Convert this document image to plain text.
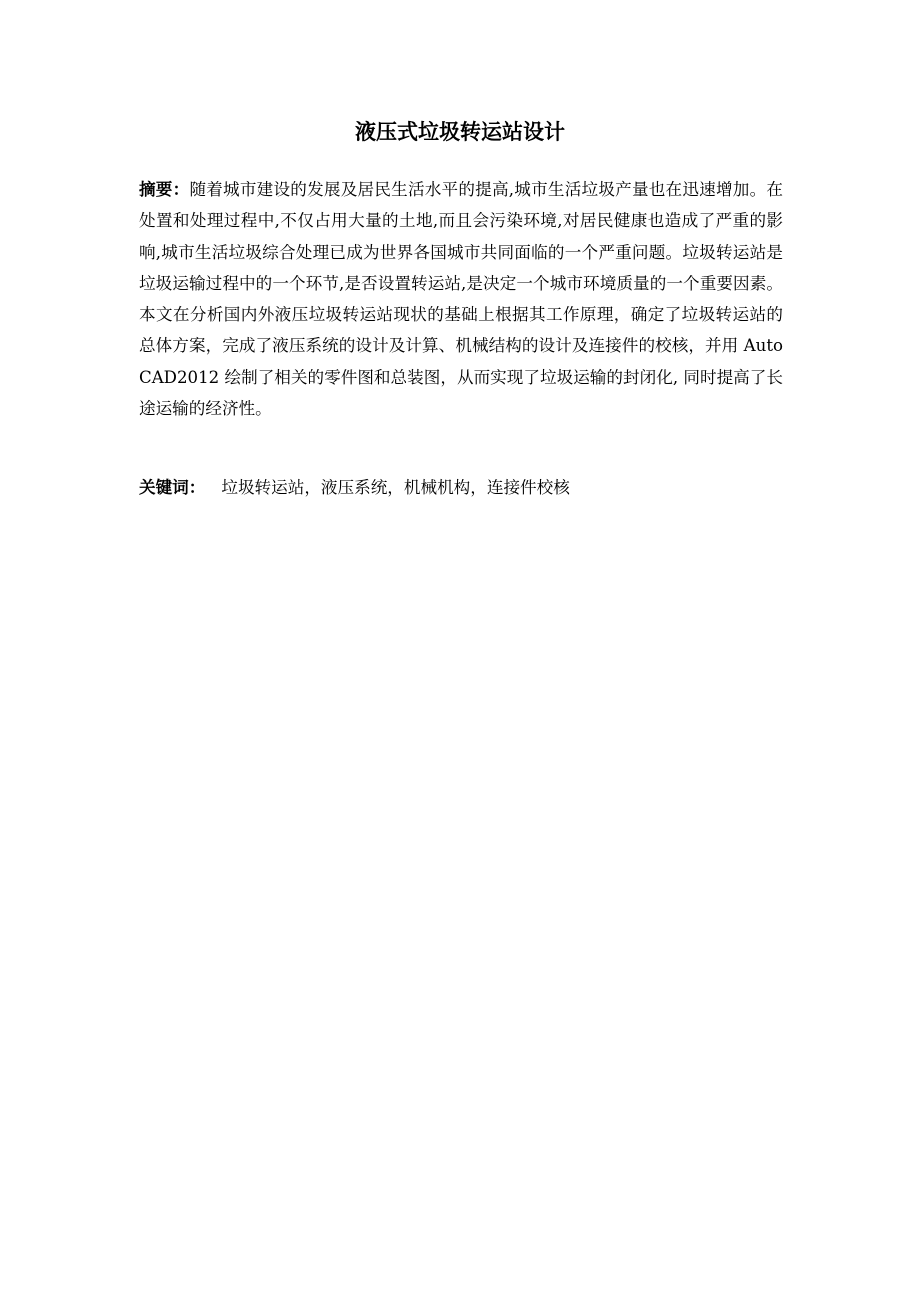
液压式垃圾转运站设计
摘要：随着城市建设的发展及居民生活水平的提高,城市生活垃圾产量也在迅速增加。在处置和处理过程中,不仅占用大量的土地,而且会污染环境,对居民健康也造成了严重的影响,城市生活垃圾综合处理已成为世界各国城市共同面临的一个严重问题。垃圾转运站是垃圾运输过程中的一个环节,是否设置转运站,是决定一个城市环境质量的一个重要因素。本文在分析国内外液压垃圾转运站现状的基础上根据其工作原理，确定了垃圾转运站的总体方案，完成了液压系统的设计及计算、机械结构的设计及连接件的校核，并用 AutoCAD2012 绘制了相关的零件图和总装图，从而实现了垃圾运输的封闭化, 同时提高了长途运输的经济性。
关键词： 垃圾转运站，液压系统，机械机构，连接件校核
